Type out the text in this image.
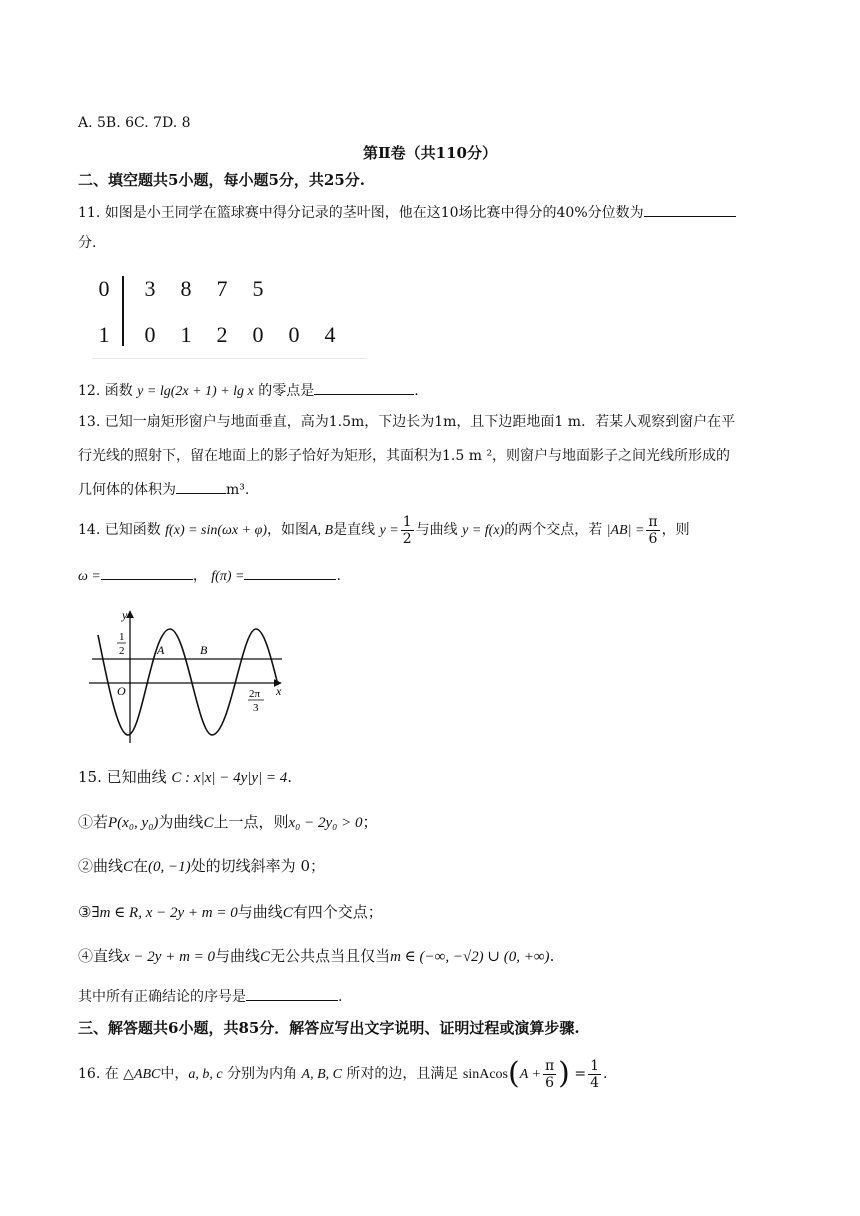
A. 5B. 6C. 7D. 8
第Ⅱ卷（共110分）
二、填空题共5小题，每小题5分，共25分.
11. 如图是小王同学在篮球赛中得分记录的茎叶图，他在这10场比赛中得分的40%分位数为
分.
0 3 8 7 5
1 0 1 2 0 0 4
12. 函数 y = lg(2x + 1) + lg x 的零点是	.
13. 已知一扇矩形窗户与地面垂直，高为1.5m，下边长为1m，且下边距地面1 m．若某人观察到窗户在平
行光线的照射下，留在地面上的影子恰好为矩形，其面积为1.5 m ²，则窗户与地面影子之间光线所形成的
几何体的体积为	m³.
14. 已知函数 f(x) = sin(ωx + φ)，如图A, B是直线 $y = \frac{1}{2}$ 与曲线 y = f(x)的两个交点，若 $|AB| = \frac{\pi}{6}$ ，则
ω =	， f(π) =	.
y
x
O
1
2	A	B
2π
3
15. 已知曲线 C : x|x| − 4y|y| = 4.
①若P(x₀, y₀)为曲线C上一点，则x₀ − 2y₀ > 0；
②曲线C在(0, −1)处的切线斜率为 0；
③∃m ∈ R, x − 2y + m = 0与曲线C有四个交点；
④直线x − 2y + m = 0与曲线C无公共点当且仅当m ∈ (−∞, −√2) ∪ (0, +∞).
其中所有正确结论的序号是	.
三、解答题共6小题，共85分．解答应写出文字说明、证明过程或演算步骤.
16. 在 △ABC中，a, b, c 分别为内角 A, B, C 所对的边，且满足 sinAcos(A + $\frac{\pi}{6}$ ) = $\frac{1}{4}$ .
